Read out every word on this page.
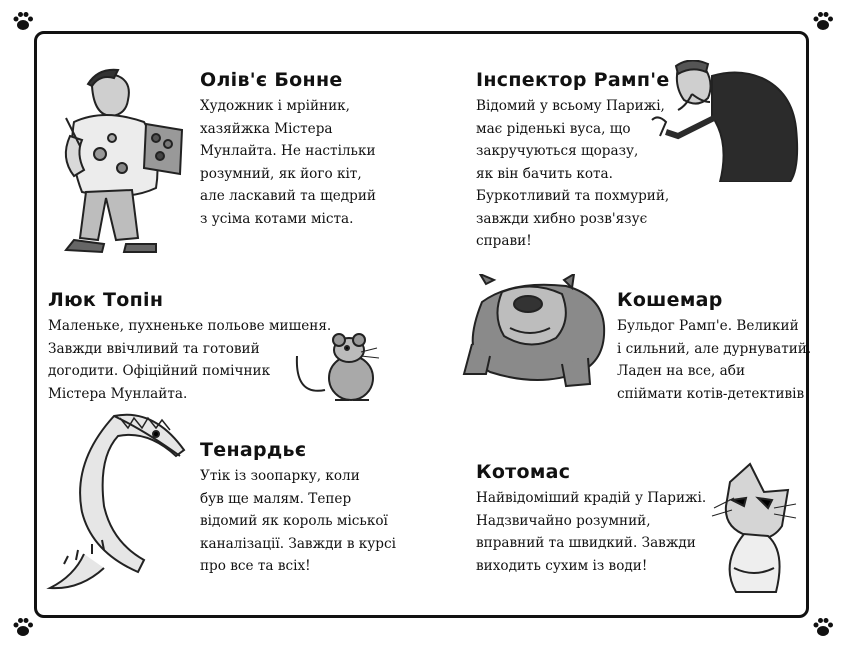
Олів'є Бонне
Художник і мрійник,
хазяйжка Містера
Мунлайта. Не настільки
розумний, як його кіт,
але ласкавий та щедрий
з усіма котами міста.
Інспектор Рамп'е
Відомий у всьому Парижі,
має ріденькі вуса, що
закручуються щоразу,
як він бачить кота.
Буркотливий та похмурий,
завжди хибно розв'язує
справи!
Люк Топін
Маленьке, пухненьке польове мишеня.
Завжди ввічливий та готовий
догодити. Офіційний помічник
Містера Мунлайта.
Кошемар
Бульдог Рамп'е. Великий
і сильний, але дурнуватий.
Ладен на все, аби
спіймати котів-детективів!
Тенардьє
Утік із зоопарку, коли
був ще малям. Тепер
відомий як король міської
каналізації. Завжди в курсі
про все та всіх!
Котомас
Найвідоміший крадій у Парижі.
Надзвичайно розумний,
вправний та швидкий. Завжди
виходить сухим із води!
